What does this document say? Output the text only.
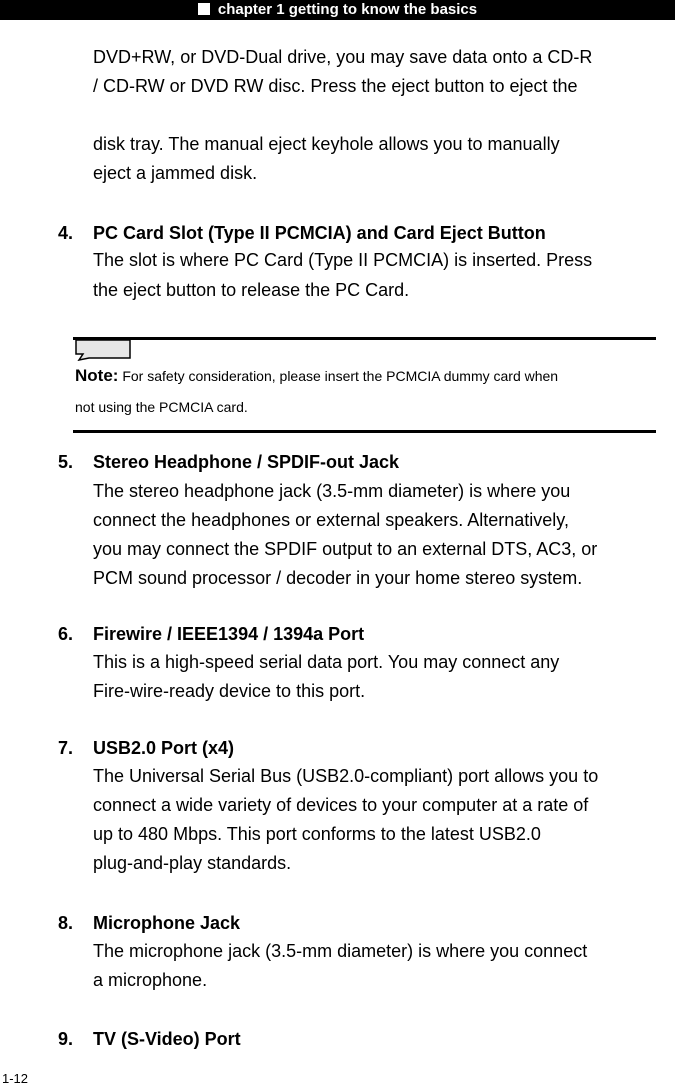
chapter 1 getting to know the basics
DVD+RW, or DVD-Dual drive, you may save data onto a CD-R
/ CD-RW or DVD RW disc. Press the eject button to eject the
disk tray. The manual eject keyhole allows you to manually
eject a jammed disk.
4. PC Card Slot (Type II PCMCIA) and Card Eject Button
The slot is where PC Card (Type II PCMCIA) is inserted. Press
the eject button to release the PC Card.
Note: For safety consideration, please insert the PCMCIA dummy card when
not using the PCMCIA card.
5. Stereo Headphone / SPDIF-out Jack
The stereo headphone jack (3.5-mm diameter) is where you
connect the headphones or external speakers. Alternatively,
you may connect the SPDIF output to an external DTS, AC3, or
PCM sound processor / decoder in your home stereo system.
6. Firewire / IEEE1394 / 1394a Port
This is a high-speed serial data port. You may connect any
Fire-wire-ready device to this port.
7. USB2.0 Port (x4)
The Universal Serial Bus (USB2.0-compliant) port allows you to
connect a wide variety of devices to your computer at a rate of
up to 480 Mbps. This port conforms to the latest USB2.0
plug-and-play standards.
8. Microphone Jack
The microphone jack (3.5-mm diameter) is where you connect
a microphone.
9. TV (S-Video) Port
1-12
